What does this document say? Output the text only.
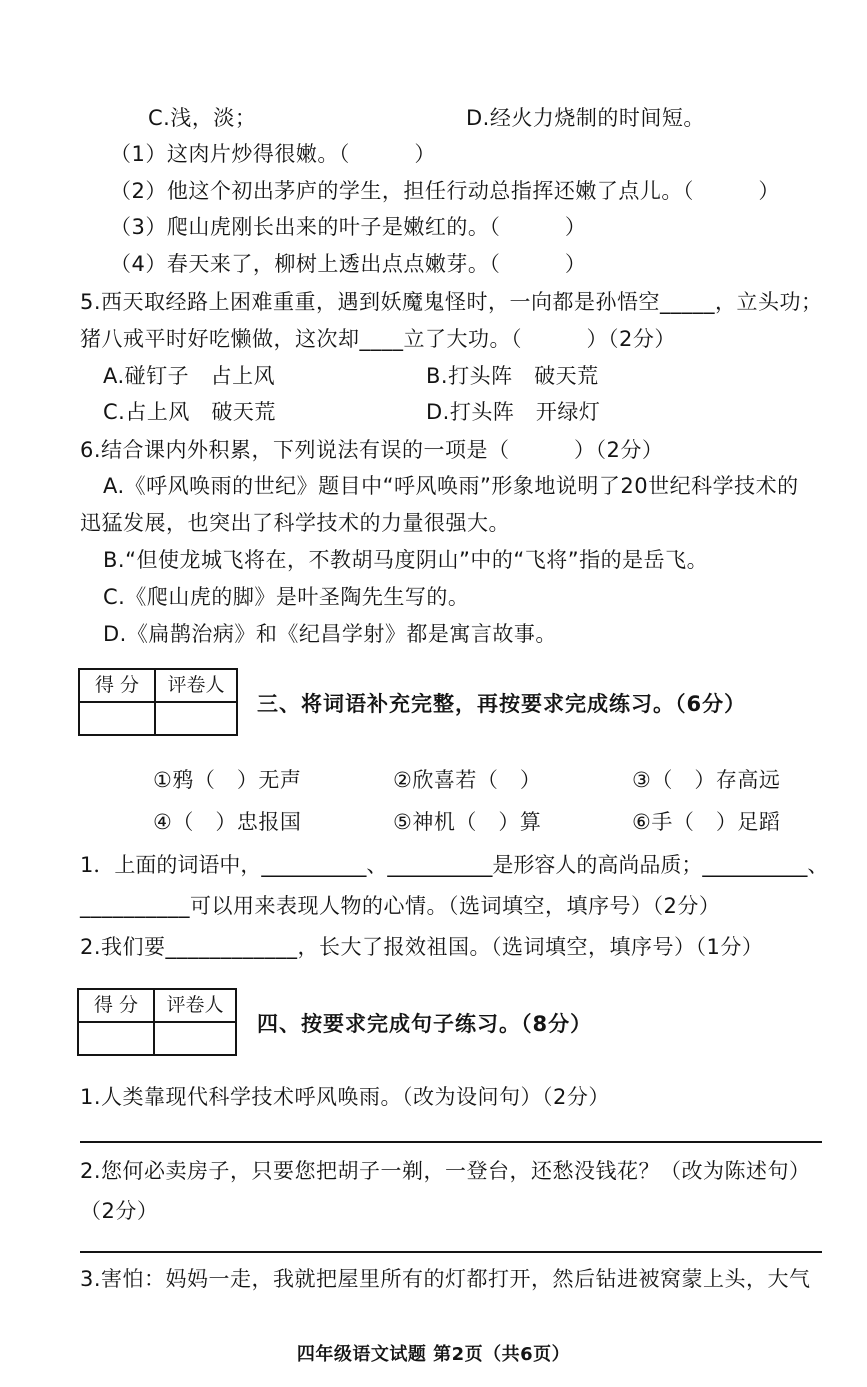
C.浅，淡；	D.经火力烧制的时间短。
（1）这肉片炒得很嫩。（　　　）
（2）他这个初出茅庐的学生，担任行动总指挥还嫩了点儿。（　　　）
（3）爬山虎刚长出来的叶子是嫩红的。（　　　）
（4）春天来了，柳树上透出点点嫩芽。（　　　）
5.西天取经路上困难重重，遇到妖魔鬼怪时，一向都是孙悟空_____，立头功；
猪八戒平时好吃懒做，这次却____立了大功。（　　　）（2分）
A.碰钉子　占上风	B.打头阵　破天荒
C.占上风　破天荒	D.打头阵　开绿灯
6.结合课内外积累，下列说法有误的一项是（　　　）（2分）
A.《呼风唤雨的世纪》题目中“呼风唤雨”形象地说明了20世纪科学技术的
迅猛发展，也突出了科学技术的力量很强大。
B.“但使龙城飞将在，不教胡马度阴山”中的“飞将”指的是岳飞。
C.《爬山虎的脚》是叶圣陶先生写的。
D.《扁鹊治病》和《纪昌学射》都是寓言故事。
得 分	评卷人
三、将词语补充完整，再按要求完成练习。（6分）
①鸦（　）无声	②欣喜若（　）	③（　）存高远
④（　）忠报国	⑤神机（　）算	⑥手（　）足蹈
1．上面的词语中，__________、__________是形容人的高尚品质；__________、
__________可以用来表现人物的心情。（选词填空，填序号）（2分）
2.我们要____________，长大了报效祖国。（选词填空，填序号）（1分）
得 分	评卷人
四、按要求完成句子练习。（8分）
1.人类靠现代科学技术呼风唤雨。（改为设问句）（2分）
2.您何必卖房子，只要您把胡子一剃，一登台，还愁没钱花？（改为陈述句）
（2分）
3.害怕：妈妈一走，我就把屋里所有的灯都打开，然后钻进被窝蒙上头，大气
四年级语文试题 第2页（共6页）
